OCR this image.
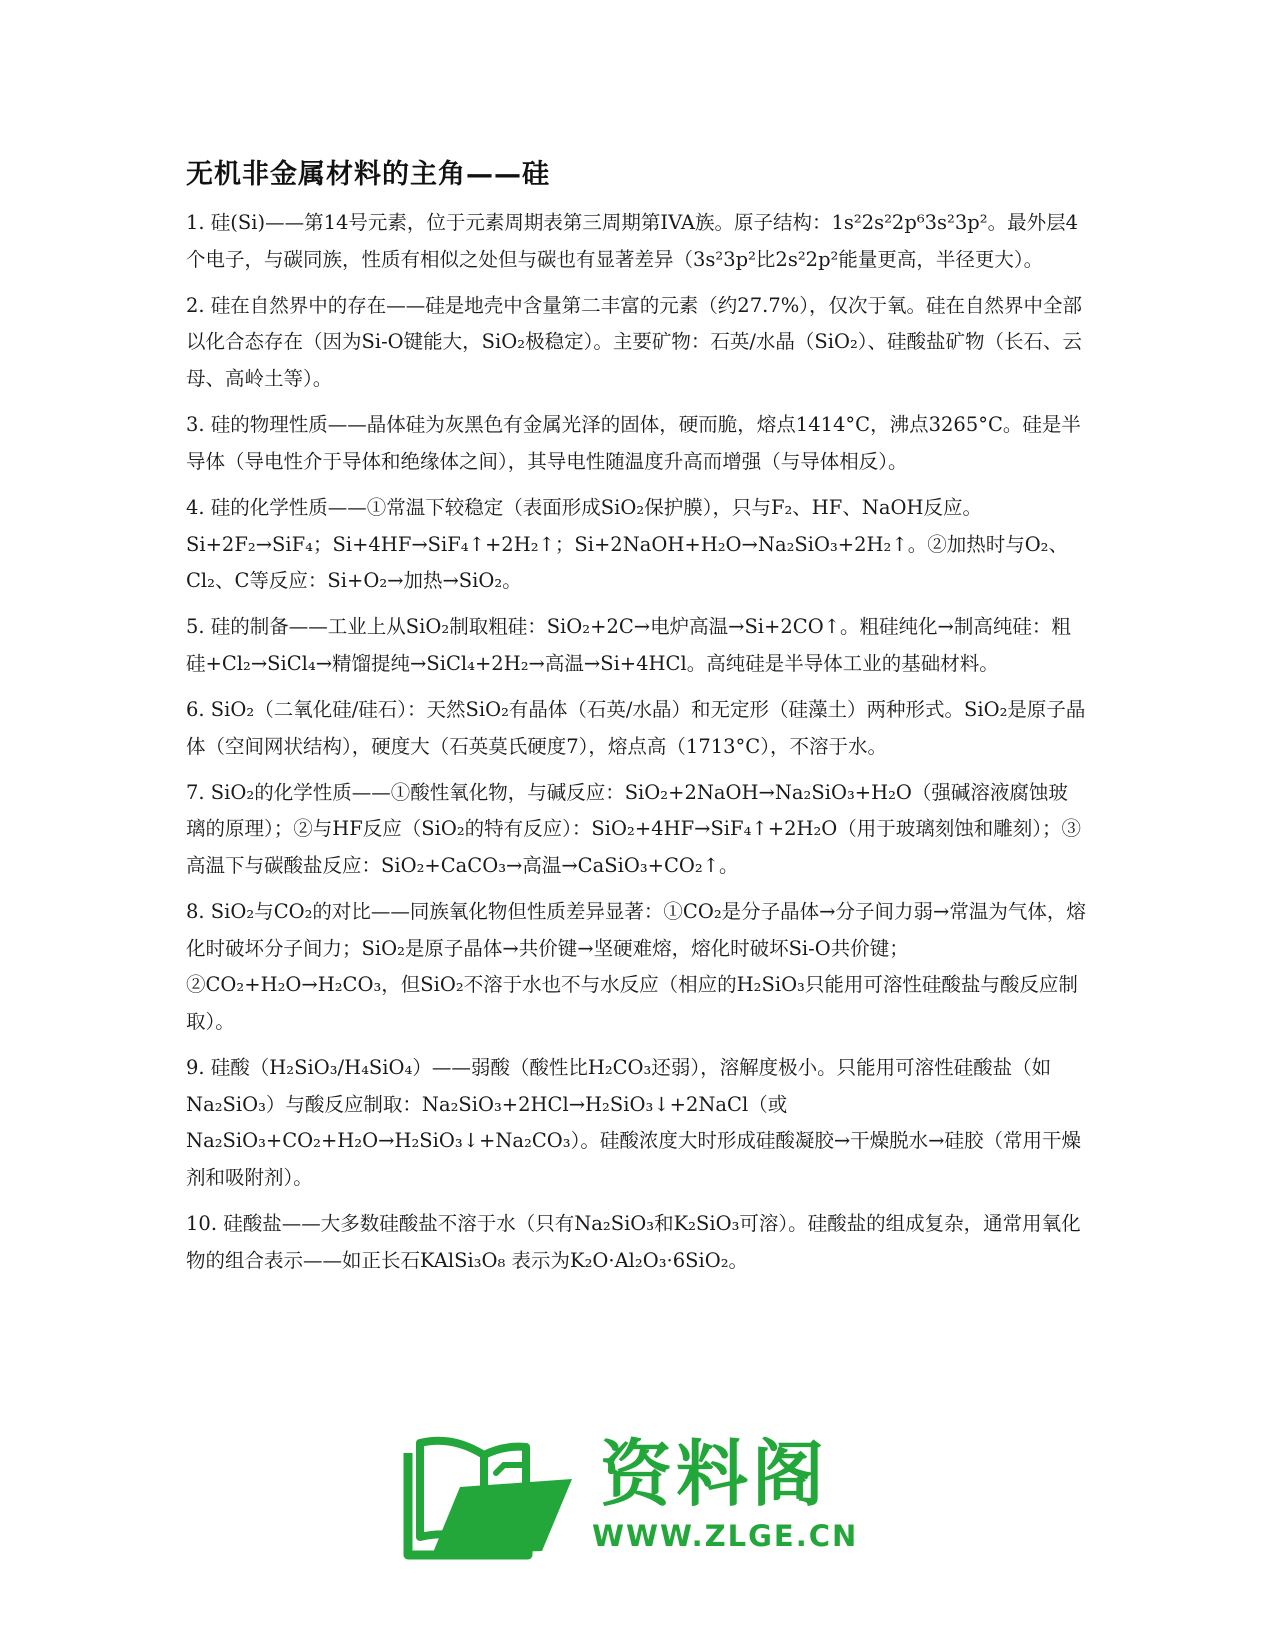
无机非金属材料的主角——硅

1. 硅(Si)——第14号元素，位于元素周期表第三周期第IVA族。原子结构：1s²2s²2p⁶3s²3p²。最外层4个电子，与碳同族，性质有相似之处但与碳也有显著差异（3s²3p²比2s²2p²能量更高，半径更大）。

2. 硅在自然界中的存在——硅是地壳中含量第二丰富的元素（约27.7%），仅次于氧。硅在自然界中全部以化合态存在（因为Si-O键能大，SiO₂极稳定）。主要矿物：石英/水晶（SiO₂）、硅酸盐矿物（长石、云母、高岭土等）。

3. 硅的物理性质——晶体硅为灰黑色有金属光泽的固体，硬而脆，熔点1414°C，沸点3265°C。硅是半导体（导电性介于导体和绝缘体之间），其导电性随温度升高而增强（与导体相反）。

4. 硅的化学性质——①常温下较稳定（表面形成SiO₂保护膜），只与F₂、HF、NaOH反应。Si+2F₂→SiF₄；Si+4HF→SiF₄↑+2H₂↑；Si+2NaOH+H₂O→Na₂SiO₃+2H₂↑。②加热时与O₂、Cl₂、C等反应：Si+O₂→加热→SiO₂。

5. 硅的制备——工业上从SiO₂制取粗硅：SiO₂+2C→电炉高温→Si+2CO↑。粗硅纯化→制高纯硅：粗硅+Cl₂→SiCl₄→精馏提纯→SiCl₄+2H₂→高温→Si+4HCl。高纯硅是半导体工业的基础材料。

6. SiO₂（二氧化硅/硅石）：天然SiO₂有晶体（石英/水晶）和无定形（硅藻土）两种形式。SiO₂是原子晶体（空间网状结构），硬度大（石英莫氏硬度7），熔点高（1713°C），不溶于水。

7. SiO₂的化学性质——①酸性氧化物，与碱反应：SiO₂+2NaOH→Na₂SiO₃+H₂O（强碱溶液腐蚀玻璃的原理）；②与HF反应（SiO₂的特有反应）：SiO₂+4HF→SiF₄↑+2H₂O（用于玻璃刻蚀和雕刻）；③高温下与碳酸盐反应：SiO₂+CaCO₃→高温→CaSiO₃+CO₂↑。

8. SiO₂与CO₂的对比——同族氧化物但性质差异显著：①CO₂是分子晶体→分子间力弱→常温为气体，熔化时破坏分子间力；SiO₂是原子晶体→共价键→坚硬难熔，熔化时破坏Si-O共价键；②CO₂+H₂O→H₂CO₃，但SiO₂不溶于水也不与水反应（相应的H₂SiO₃只能用可溶性硅酸盐与酸反应制取）。

9. 硅酸（H₂SiO₃/H₄SiO₄）——弱酸（酸性比H₂CO₃还弱），溶解度极小。只能用可溶性硅酸盐（如Na₂SiO₃）与酸反应制取：Na₂SiO₃+2HCl→H₂SiO₃↓+2NaCl（或Na₂SiO₃+CO₂+H₂O→H₂SiO₃↓+Na₂CO₃）。硅酸浓度大时形成硅酸凝胶→干燥脱水→硅胶（常用干燥剂和吸附剂）。

10. 硅酸盐——大多数硅酸盐不溶于水（只有Na₂SiO₃和K₂SiO₃可溶）。硅酸盐的组成复杂，通常用氧化物的组合表示——如正长石KAlSi₃O₈ 表示为K₂O·Al₂O₃·6SiO₂。

资料阁
WWW.ZLGE.CN
